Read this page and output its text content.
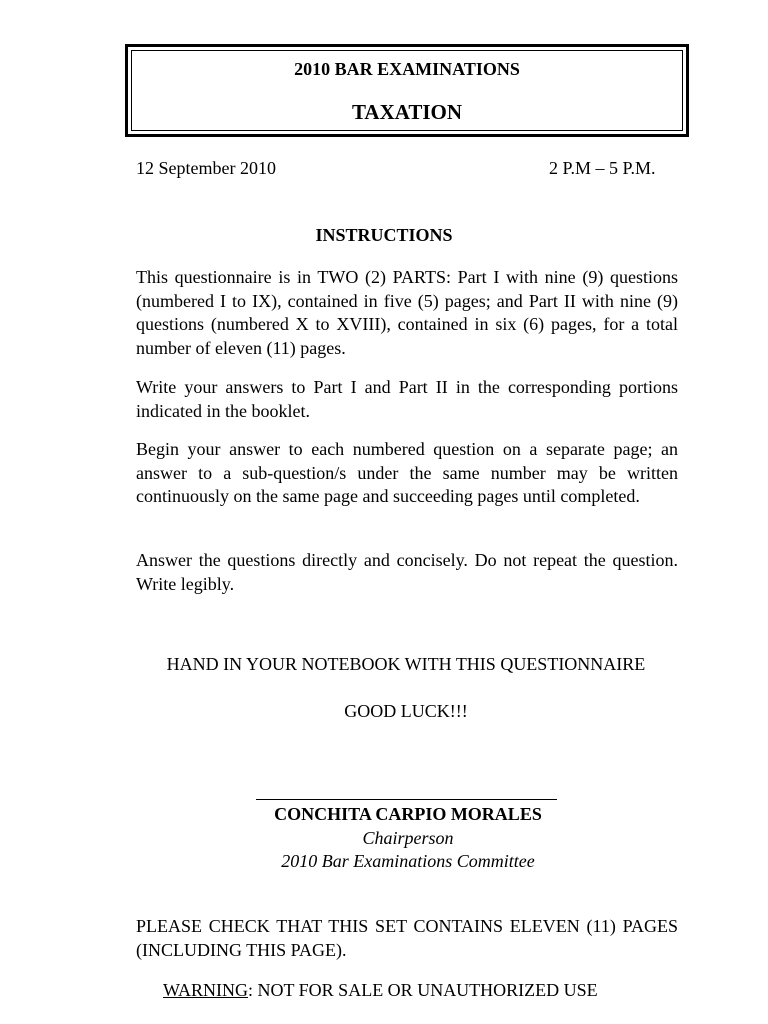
2010 BAR EXAMINATIONS
TAXATION
12 September 2010	2 P.M – 5 P.M.
INSTRUCTIONS

This questionnaire is in TWO (2) PARTS: Part I with nine (9) questions (numbered I to IX), contained in five (5) pages; and Part II with nine (9) questions (numbered X to XVIII), contained in six (6) pages, for a total number of eleven (11) pages.

Write your answers to Part I and Part II in the corresponding portions indicated in the booklet.

Begin your answer to each numbered question on a separate page; an answer to a sub-question/s under the same number may be written continuously on the same page and succeeding pages until completed.

Answer the questions directly and concisely. Do not repeat the question. Write legibly.

HAND IN YOUR NOTEBOOK WITH THIS QUESTIONNAIRE
GOOD LUCK!!!
CONCHITA CARPIO MORALES
Chairperson
2010 Bar Examinations Committee

PLEASE CHECK THAT THIS SET CONTAINS ELEVEN (11) PAGES (INCLUDING THIS PAGE).

WARNING: NOT FOR SALE OR UNAUTHORIZED USE
